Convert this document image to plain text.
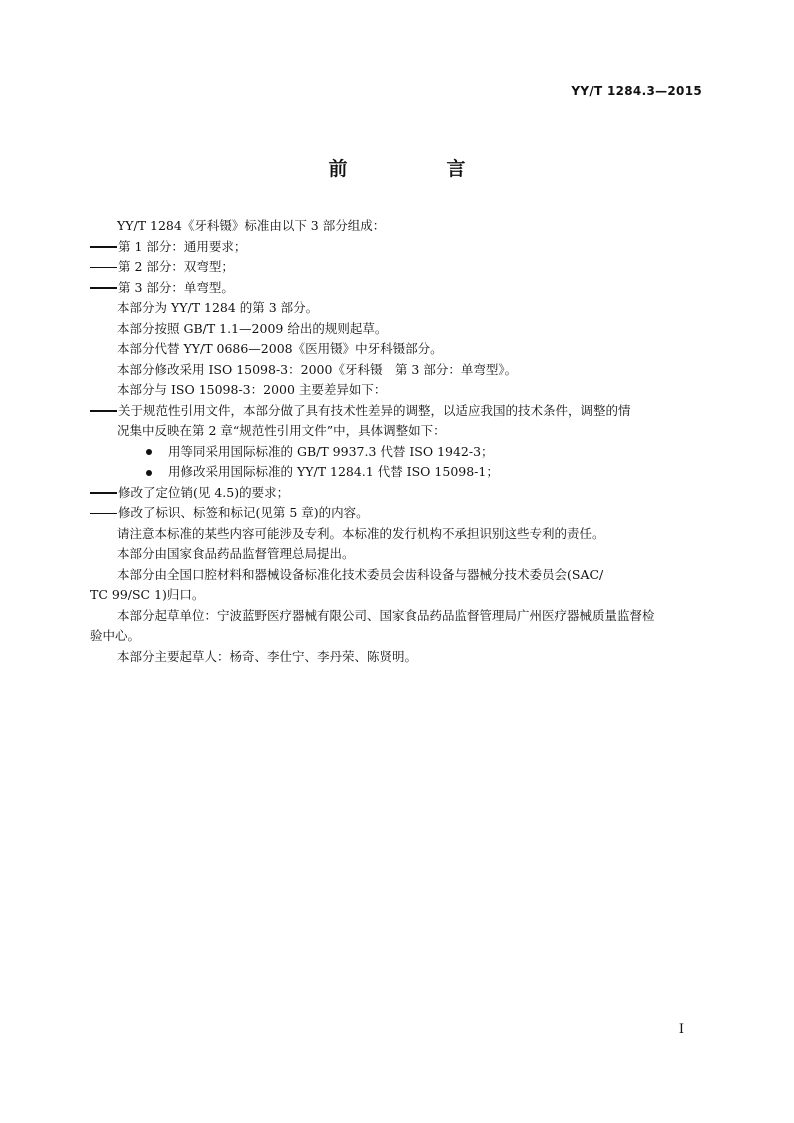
YY/T 1284.3—2015
前　言
YY/T 1284《牙科镊》标准由以下 3 部分组成：
第 1 部分：通用要求；
第 2 部分：双弯型；
第 3 部分：单弯型。
本部分为 YY/T 1284 的第 3 部分。
本部分按照 GB/T 1.1—2009 给出的规则起草。
本部分代替 YY/T 0686—2008《医用镊》中牙科镊部分。
本部分修改采用 ISO 15098-3：2000《牙科镊　第 3 部分：单弯型》。
本部分与 ISO 15098-3：2000 主要差异如下：
关于规范性引用文件，本部分做了具有技术性差异的调整，以适应我国的技术条件，调整的情
况集中反映在第 2 章“规范性引用文件”中，具体调整如下：
用等同采用国际标准的 GB/T 9937.3 代替 ISO 1942-3；
用修改采用国际标准的 YY/T 1284.1 代替 ISO 15098-1；
修改了定位销(见 4.5)的要求；
修改了标识、标签和标记(见第 5 章)的内容。
请注意本标准的某些内容可能涉及专利。本标准的发行机构不承担识别这些专利的责任。
本部分由国家食品药品监督管理总局提出。
本部分由全国口腔材料和器械设备标准化技术委员会齿科设备与器械分技术委员会(SAC/
TC 99/SC 1)归口。
本部分起草单位：宁波蓝野医疗器械有限公司、国家食品药品监督管理局广州医疗器械质量监督检
验中心。
本部分主要起草人：杨奇、李仕宁、李丹荣、陈贤明。
I
